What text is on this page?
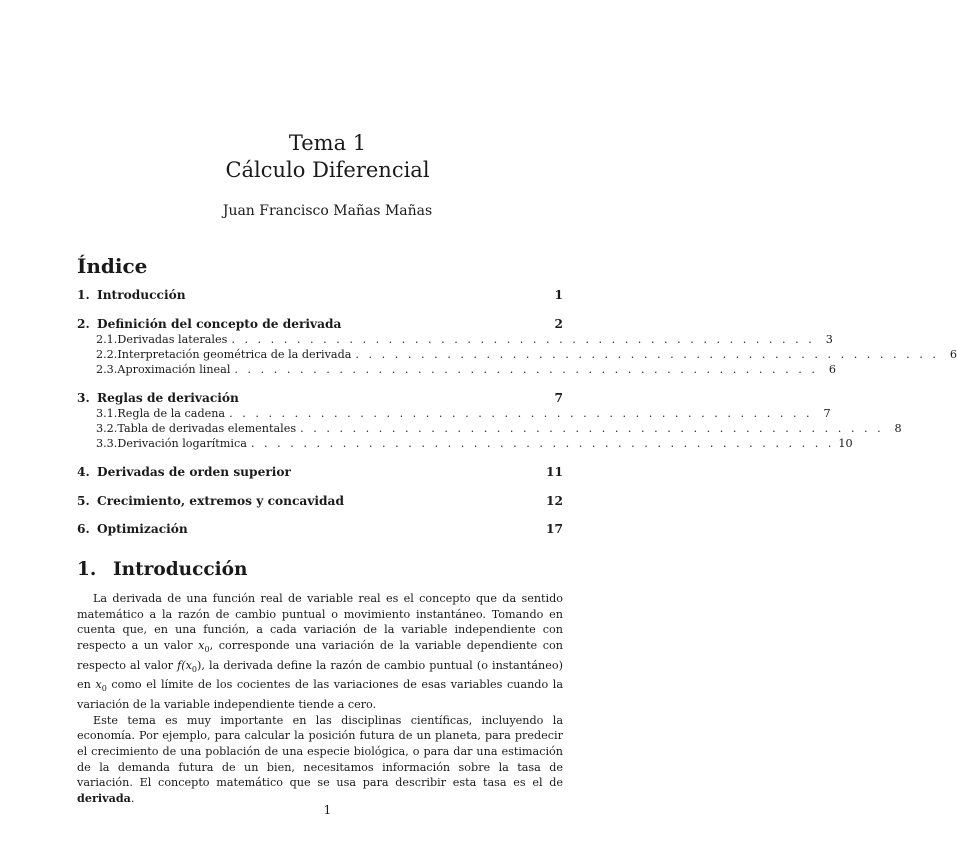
Tema 1
Cálculo Diferencial
Juan Francisco Mañas Mañas
Índice
1. Introducción	1
2. Definición del concepto de derivada	2
2.1. Derivadas laterales . . . . . . . . . . . . . . . . . . . . . . . . . . . . . . . . . . . . . . . . . . . . . 3
2.2. Interpretación geométrica de la derivada . . . . . . . . . . . . . . . . . . . . . . . . . . . . . . . . . . . . . . . . . . . . . 6
2.3. Aproximación lineal . . . . . . . . . . . . . . . . . . . . . . . . . . . . . . . . . . . . . . . . . . . . . 6
3. Reglas de derivación	7
3.1. Regla de la cadena . . . . . . . . . . . . . . . . . . . . . . . . . . . . . . . . . . . . . . . . . . . . . 7
3.2. Tabla de derivadas elementales . . . . . . . . . . . . . . . . . . . . . . . . . . . . . . . . . . . . . . . . . . . . . 8
3.3. Derivación logarítmica . . . . . . . . . . . . . . . . . . . . . . . . . . . . . . . . . . . . . . . . . . . . . 10
4. Derivadas de orden superior	11
5. Crecimiento, extremos y concavidad	12
6. Optimización	17
1. Introducción

La derivada de una función real de variable real es el concepto que da sentido matemático a la razón de cambio puntual o movimiento instantáneo. Tomando en cuenta que, en una función, a cada variación de la variable independiente con respecto a un valor $x_0$, corresponde una variación de la variable dependiente con respecto al valor $f(x_0)$, la derivada define la razón de cambio puntual (o instantáneo) en $x_0$ como el límite de los cocientes de las variaciones de esas variables cuando la variación de la variable independiente tiende a cero.

Este tema es muy importante en las disciplinas científicas, incluyendo la economía. Por ejemplo, para calcular la posición futura de un planeta, para predecir el crecimiento de una población de una especie biológica, o para dar una estimación de la demanda futura de un bien, necesitamos información sobre la tasa de variación. El concepto matemático que se usa para describir esta tasa es el de derivada.

1
